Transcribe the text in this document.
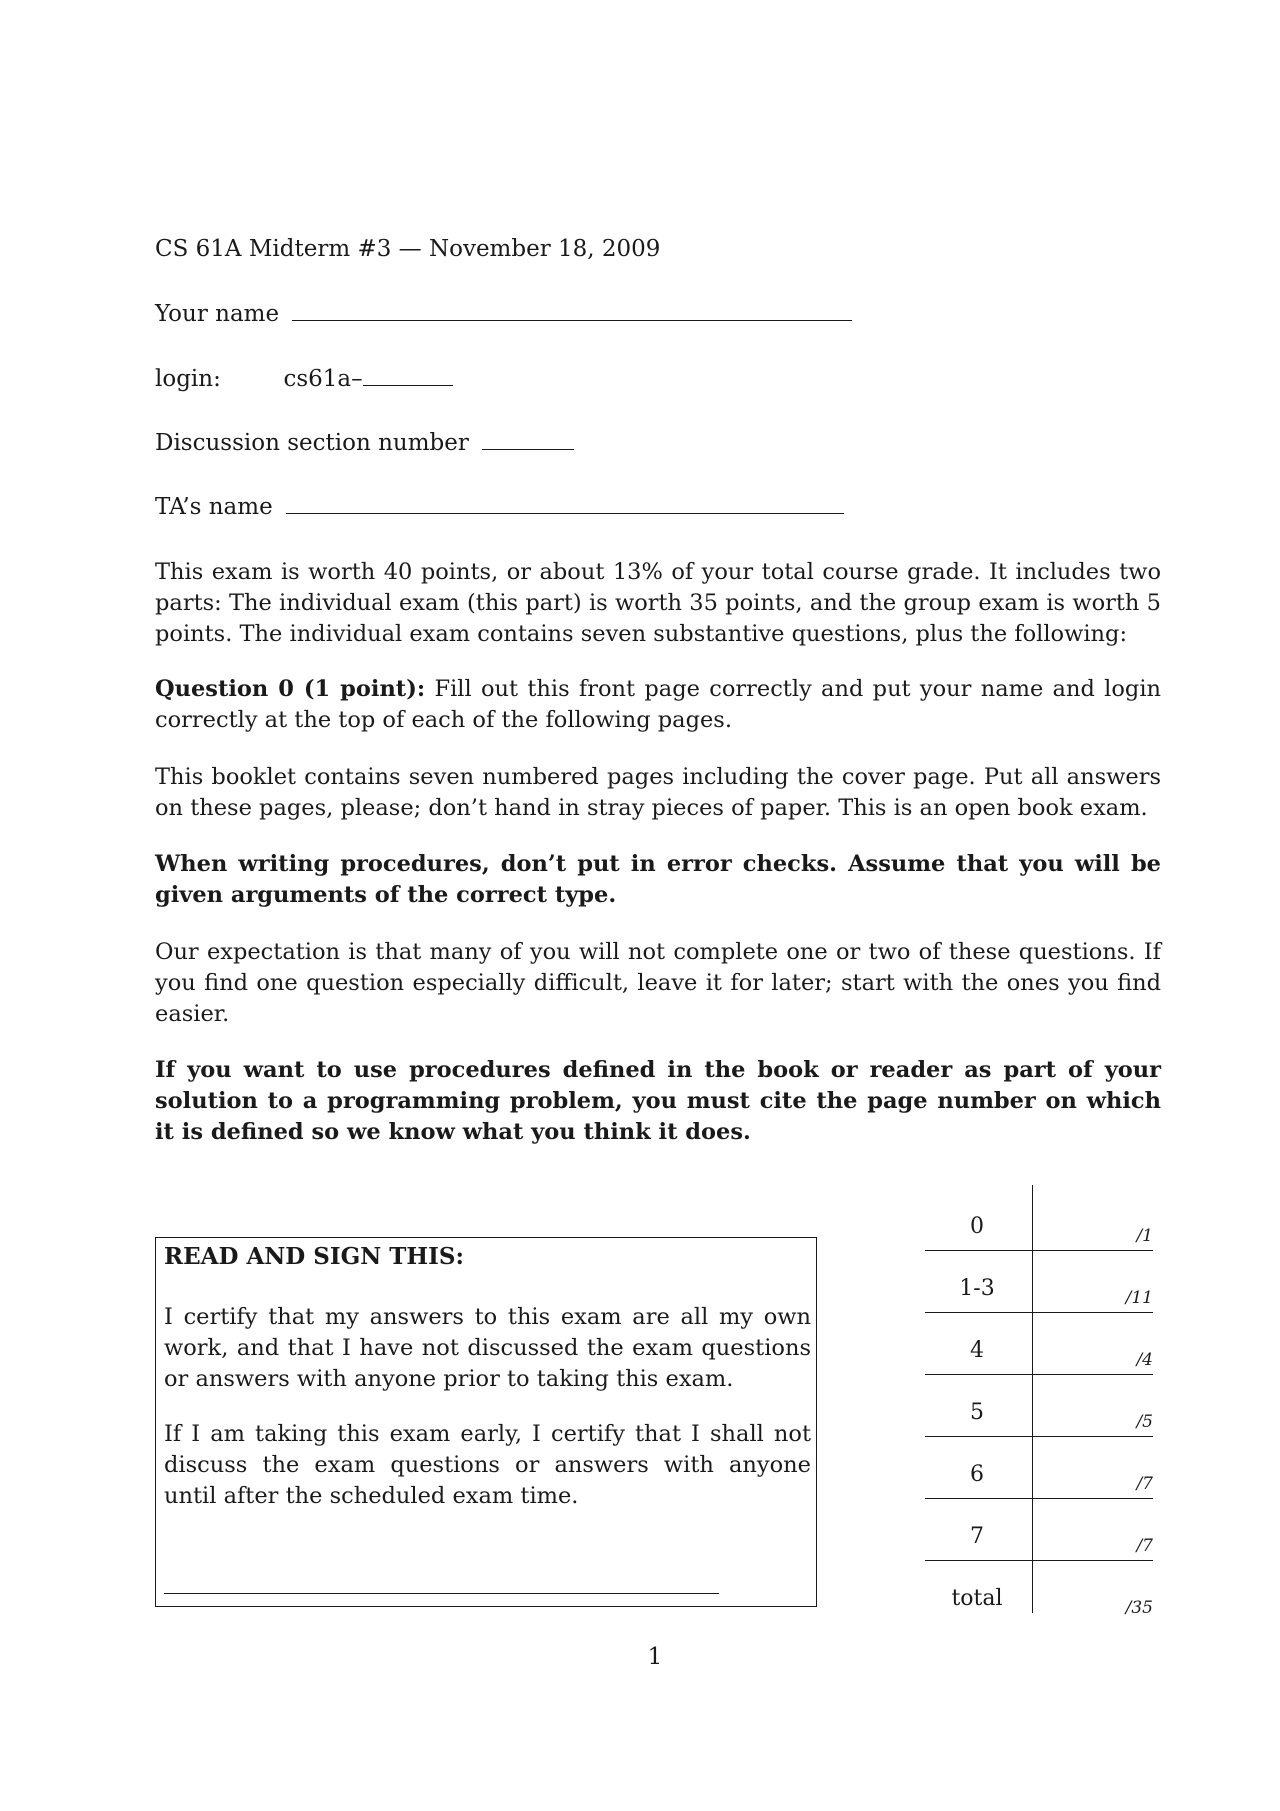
CS 61A Midterm #3 — November 18, 2009
Your name
login:	cs61a–
Discussion section number
TA’s name
This exam is worth 40 points, or about 13% of your total course grade. It includes two parts: The individual exam (this part) is worth 35 points, and the group exam is worth 5 points. The individual exam contains seven substantive questions, plus the following:
Question 0 (1 point): Fill out this front page correctly and put your name and login correctly at the top of each of the following pages.
This booklet contains seven numbered pages including the cover page. Put all answers on these pages, please; don’t hand in stray pieces of paper. This is an open book exam.
When writing procedures, don’t put in error checks. Assume that you will be given arguments of the correct type.
Our expectation is that many of you will not complete one or two of these questions. If you find one question especially difficult, leave it for later; start with the ones you find easier.
If you want to use procedures defined in the book or reader as part of your solution to a programming problem, you must cite the page number on which it is defined so we know what you think it does.
READ AND SIGN THIS:
I certify that my answers to this exam are all my own work, and that I have not discussed the exam questions or answers with anyone prior to taking this exam.
If I am taking this exam early, I certify that I shall not discuss the exam questions or answers with anyone until after the scheduled exam time.
0	/1
1-3	/11
4	/4
5	/5
6	/7
7	/7
total	/35
1
